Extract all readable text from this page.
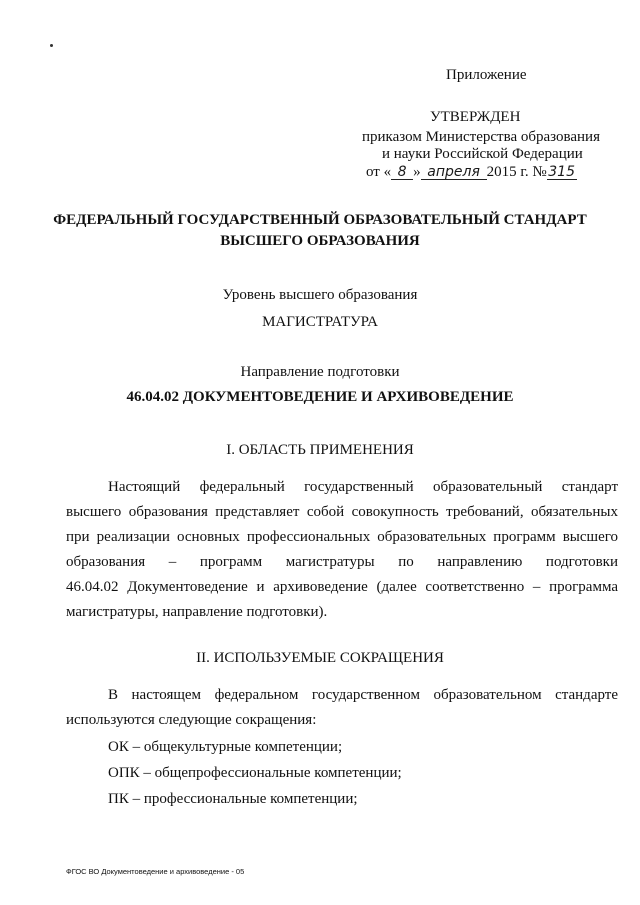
Приложение
УТВЕРЖДЕН
приказом Министерства образования
и науки Российской Федерации
от « 8 » апреля 2015 г. № 315
ФЕДЕРАЛЬНЫЙ ГОСУДАРСТВЕННЫЙ ОБРАЗОВАТЕЛЬНЫЙ СТАНДАРТ
ВЫСШЕГО ОБРАЗОВАНИЯ
Уровень высшего образования
МАГИСТРАТУРА
Направление подготовки
46.04.02 ДОКУМЕНТОВЕДЕНИЕ И АРХИВОВЕДЕНИЕ
I. ОБЛАСТЬ ПРИМЕНЕНИЯ
Настоящий федеральный государственный образовательный стандарт
высшего образования представляет собой совокупность требований, обязательных
при реализации основных профессиональных образовательных программ высшего
образования – программ магистратуры по направлению подготовки
46.04.02 Документоведение и архивоведение (далее соответственно – программа
магистратуры, направление подготовки).
II. ИСПОЛЬЗУЕМЫЕ СОКРАЩЕНИЯ
В настоящем федеральном государственном образовательном стандарте
используются следующие сокращения:
ОК – общекультурные компетенции;
ОПК – общепрофессиональные компетенции;
ПК – профессиональные компетенции;
ФГОС ВО Документоведение и архивоведение - 05
